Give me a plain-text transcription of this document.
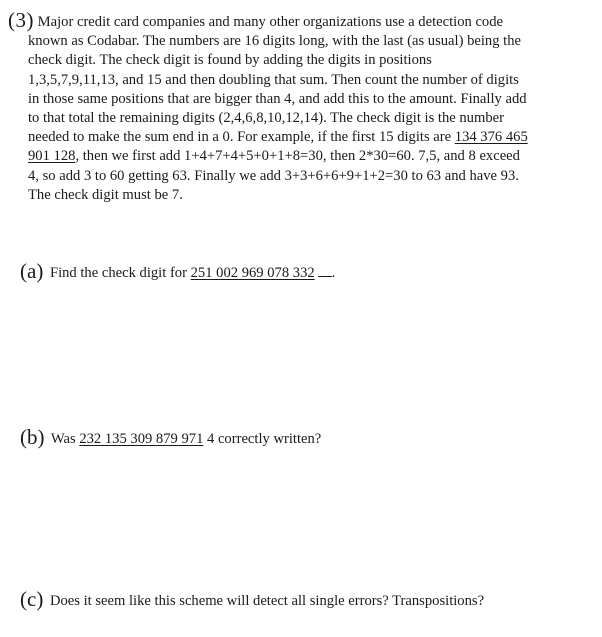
(3) Major credit card companies and many other organizations use a detection code
known as Codabar. The numbers are 16 digits long, with the last (as usual) being the
check digit. The check digit is found by adding the digits in positions
1,3,5,7,9,11,13, and 15 and then doubling that sum. Then count the number of digits
in those same positions that are bigger than 4, and add this to the amount. Finally add
to that total the remaining digits (2,4,6,8,10,12,14). The check digit is the number
needed to make the sum end in a 0. For example, if the first 15 digits are 134 376 465
901 128, then we first add 1+4+7+4+5+0+1+8=30, then 2*30=60. 7,5, and 8 exceed
4, so add 3 to 60 getting 63. Finally we add 3+3+6+6+9+1+2=30 to 63 and have 93.
The check digit must be 7.
(a) Find the check digit for 251 002 969 078 332 .
(b) Was 232 135 309 879 971 4 correctly written?
(c) Does it seem like this scheme will detect all single errors? Transpositions?
